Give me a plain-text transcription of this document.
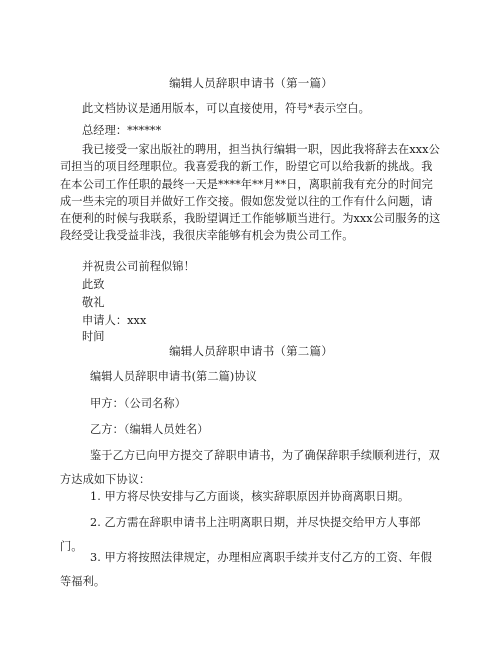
编辑人员辞职申请书（第一篇）

此文档协议是通用版本，可以直接使用，符号*表示空白。

总经理：******

我已接受一家出版社的聘用，担当执行编辑一职，因此我将辞去在xxx公司担当的项目经理职位。我喜爱我的新工作，盼望它可以给我新的挑战。我在本公司工作任职的最终一天是****年**月**日，离职前我有充分的时间完成一些未完的项目并做好工作交接。假如您发觉以往的工作有什么问题，请在便利的时候与我联系，我盼望调迁工作能够顺当进行。为xxx公司服务的这段经受让我受益非浅，我很庆幸能够有机会为贵公司工作。

并祝贵公司前程似锦！

此致

敬礼

申请人：xxx

时间

编辑人员辞职申请书（第二篇）

编辑人员辞职申请书(第二篇)协议

甲方：（公司名称）

乙方：（编辑人员姓名）

鉴于乙方已向甲方提交了辞职申请书，为了确保辞职手续顺利进行，双方达成如下协议：

1. 甲方将尽快安排与乙方面谈，核实辞职原因并协商离职日期。

2. 乙方需在辞职申请书上注明离职日期，并尽快提交给甲方人事部门。

3. 甲方将按照法律规定，办理相应离职手续并支付乙方的工资、年假等福利。
